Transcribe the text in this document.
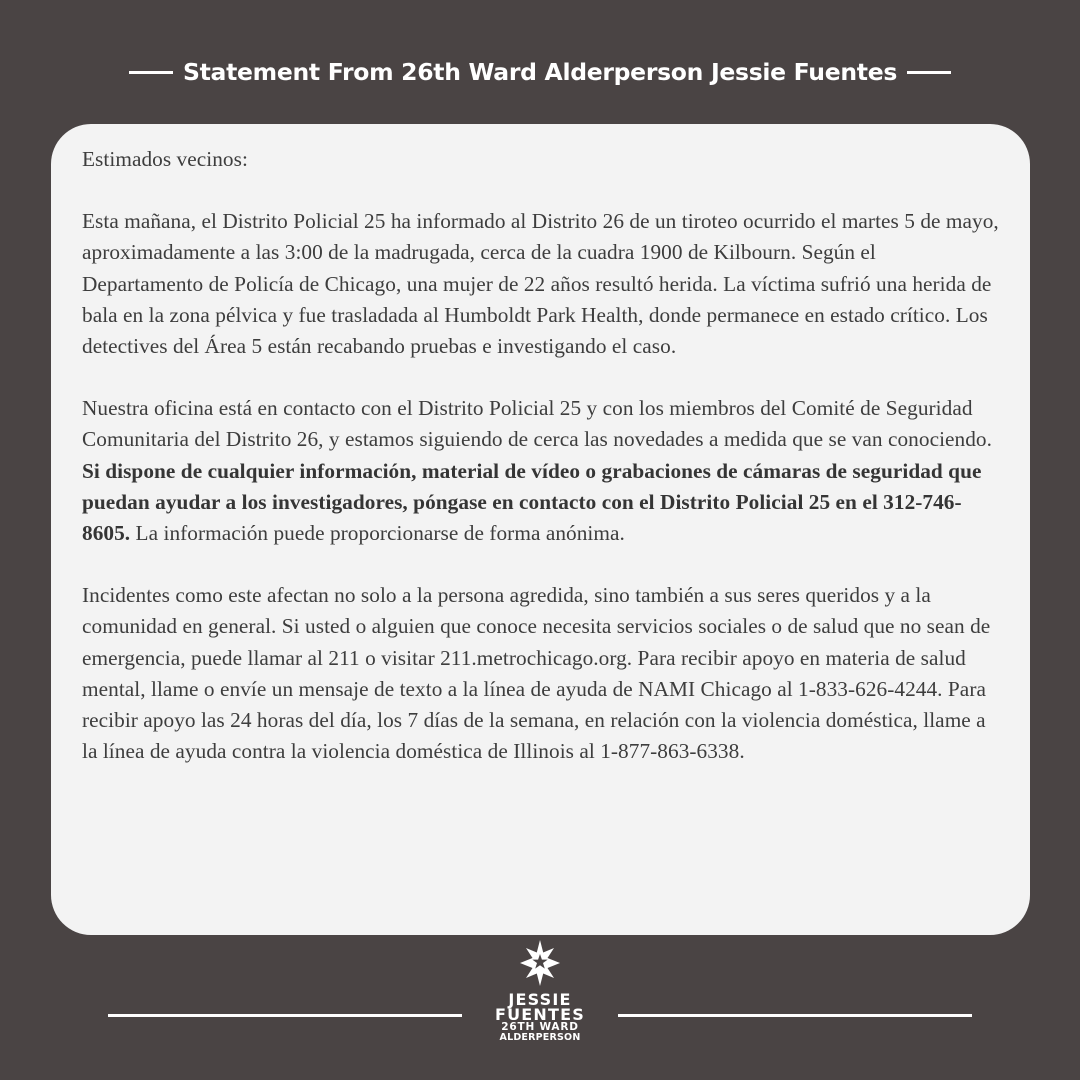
Statement From 26th Ward Alderperson Jessie Fuentes

Estimados vecinos:

Esta mañana, el Distrito Policial 25 ha informado al Distrito 26 de un tiroteo ocurrido el martes 5 de mayo, aproximadamente a las 3:00 de la madrugada, cerca de la cuadra 1900 de Kilbourn. Según el Departamento de Policía de Chicago, una mujer de 22 años resultó herida. La víctima sufrió una herida de bala en la zona pélvica y fue trasladada al Humboldt Park Health, donde permanece en estado crítico. Los detectives del Área 5 están recabando pruebas e investigando el caso.

Nuestra oficina está en contacto con el Distrito Policial 25 y con los miembros del Comité de Seguridad Comunitaria del Distrito 26, y estamos siguiendo de cerca las novedades a medida que se van conociendo. Si dispone de cualquier información, material de vídeo o grabaciones de cámaras de seguridad que puedan ayudar a los investigadores, póngase en contacto con el Distrito Policial 25 en el 312-746-8605. La información puede proporcionarse de forma anónima.

Incidentes como este afectan no solo a la persona agredida, sino también a sus seres queridos y a la comunidad en general. Si usted o alguien que conoce necesita servicios sociales o de salud que no sean de emergencia, puede llamar al 211 o visitar 211.metrochicago.org. Para recibir apoyo en materia de salud mental, llame o envíe un mensaje de texto a la línea de ayuda de NAMI Chicago al 1-833-626-4244. Para recibir apoyo las 24 horas del día, los 7 días de la semana, en relación con la violencia doméstica, llame a la línea de ayuda contra la violencia doméstica de Illinois al 1-877-863-6338.

JESSIE
FUENTES
26TH WARD
ALDERPERSON
